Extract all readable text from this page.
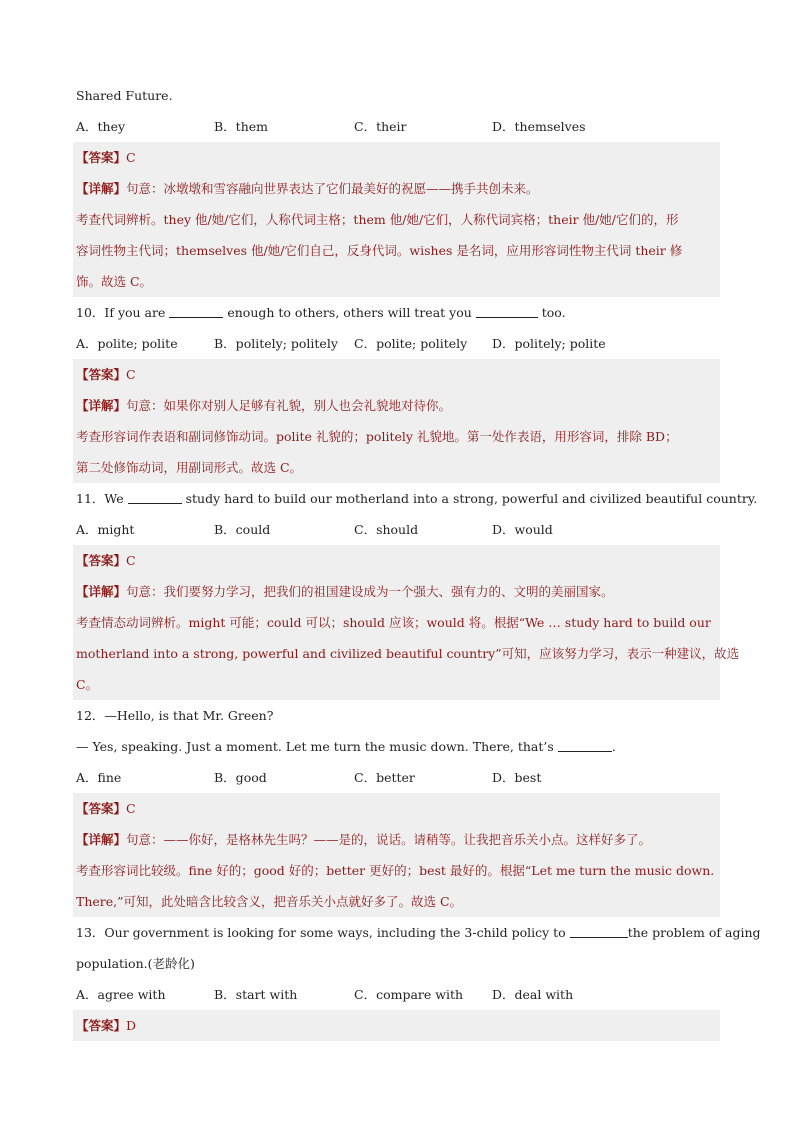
Shared Future.
A．they	B．them	C．their	D．themselves
【答案】C
【详解】句意：冰墩墩和雪容融向世界表达了它们最美好的祝愿——携手共创未来。
考查代词辨析。they 他/她/它们，人称代词主格；them 他/她/它们，人称代词宾格；their 他/她/它们的，形
容词性物主代词；themselves 他/她/它们自己，反身代词。wishes 是名词，应用形容词性物主代词 their 修
饰。故选 C。
10．If you are	enough to others, others will treat you	too.
A．polite; polite	B．politely; politely	C．polite; politely	D．politely; polite
【答案】C
【详解】句意：如果你对别人足够有礼貌，别人也会礼貌地对待你。
考查形容词作表语和副词修饰动词。polite 礼貌的；politely 礼貌地。第一处作表语，用形容词，排除 BD；
第二处修饰动词，用副词形式。故选 C。
11．We	study hard to build our motherland into a strong, powerful and civilized beautiful country.
A．might	B．could	C．should	D．would
【答案】C
【详解】句意：我们要努力学习，把我们的祖国建设成为一个强大、强有力的、文明的美丽国家。
考查情态动词辨析。might 可能；could 可以；should 应该；would 将。根据“We … study hard to build our
motherland into a strong, powerful and civilized beautiful country”可知，应该努力学习，表示一种建议，故选
C。
12．—Hello, is that Mr. Green?
— Yes, speaking. Just a moment. Let me turn the music down. There, that’s	.
A．fine	B．good	C．better	D．best
【答案】C
【详解】句意：——你好，是格林先生吗？——是的，说话。请稍等。让我把音乐关小点。这样好多了。
考查形容词比较级。fine 好的；good 好的；better 更好的；best 最好的。根据“Let me turn the music down.
There,”可知，此处暗含比较含义，把音乐关小点就好多了。故选 C。
13．Our government is looking for some ways, including the 3-child policy to	the problem of aging
population.(老龄化)
A．agree with	B．start with	C．compare with	D．deal with
【答案】D
